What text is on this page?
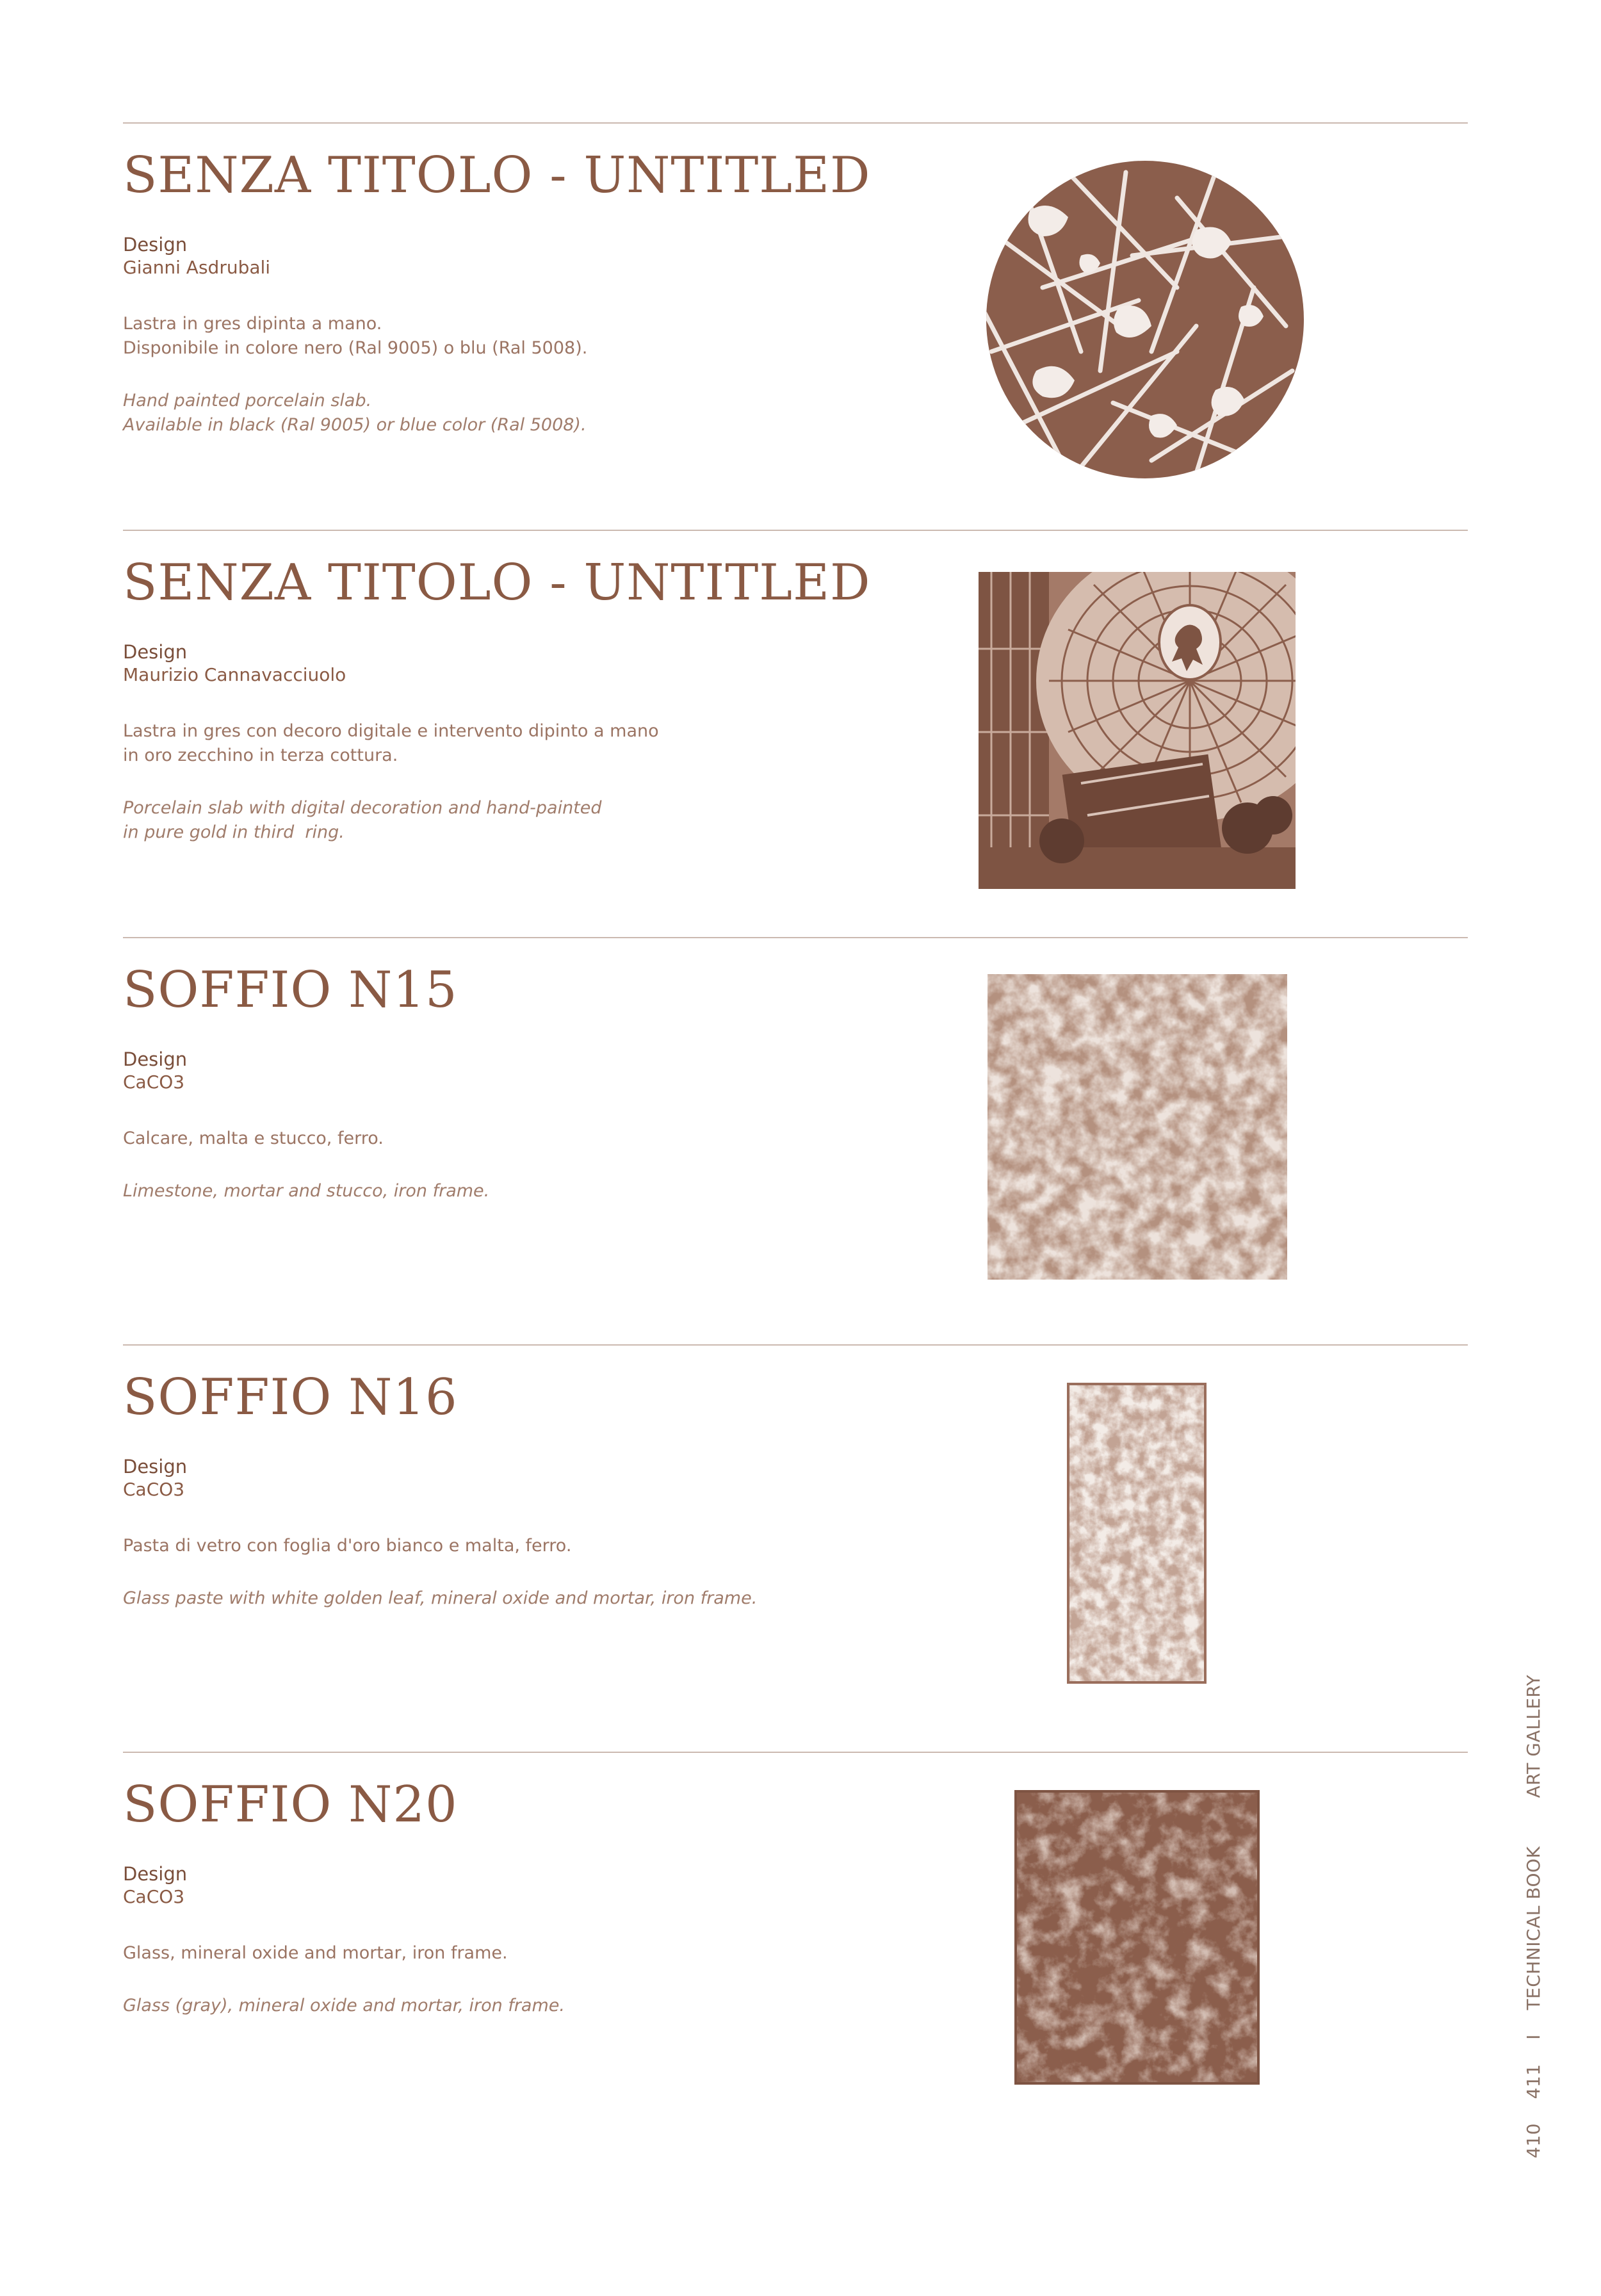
SENZA TITOLO - UNTITLED
Design
Gianni Asdrubali
Lastra in gres dipinta a mano.
Disponibile in colore nero (Ral 9005) o blu (Ral 5008).
Hand painted porcelain slab.
Available in black (Ral 9005) or blue color (Ral 5008).
SENZA TITOLO - UNTITLED
Design
Maurizio Cannavacciuolo
Lastra in gres con decoro digitale e intervento dipinto a mano
in oro zecchino in terza cottura.
Porcelain slab with digital decoration and hand-painted
in pure gold in third  ring.
SOFFIO N15
Design
CaCO3
Calcare, malta e stucco, ferro.
Limestone, mortar and stucco, iron frame.
SOFFIO N16
Design
CaCO3
Pasta di vetro con foglia d'oro bianco e malta, ferro.
Glass paste with white golden leaf, mineral oxide and mortar, iron frame.
SOFFIO N20
Design
CaCO3
Glass, mineral oxide and mortar, iron frame.
Glass (gray), mineral oxide and mortar, iron frame.	410    411    I    TECHNICAL BOOK        ART GALLERY
